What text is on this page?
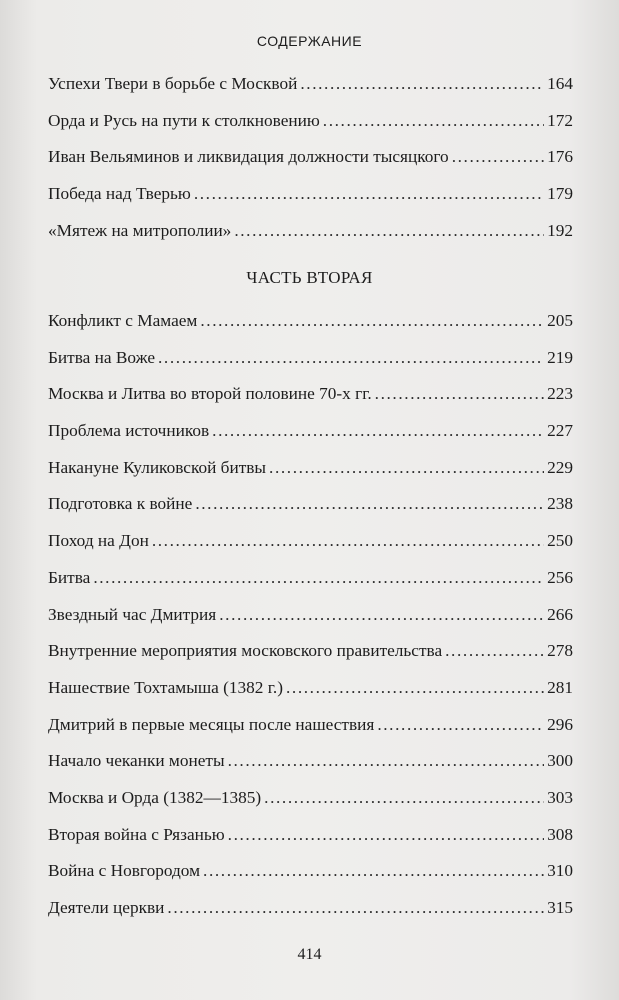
СОДЕРЖАНИЕ
Успехи Твери в борьбе с Москвой .....	164
Орда и Русь на пути к столкновению .....	172
Иван Вельяминов и ликвидация должности тысяцкого .....	176
Победа над Тверью .....	179
«Мятеж на митрополии» .....	192
ЧАСТЬ ВТОРАЯ
Конфликт с Мамаем .....	205
Битва на Воже .....	219
Москва и Литва во второй половине 70-х гг. .....	223
Проблема источников .....	227
Накануне Куликовской битвы .....	229
Подготовка к войне .....	238
Поход на Дон .....	250
Битва .....	256
Звездный час Дмитрия .....	266
Внутренние мероприятия московского правительства .....	278
Нашествие Тохтамыша (1382 г.) .....	281
Дмитрий в первые месяцы после нашествия .....	296
Начало чеканки монеты .....	300
Москва и Орда (1382—1385) .....	303
Вторая война с Рязанью .....	308
Война с Новгородом .....	310
Деятели церкви .....	315
414
